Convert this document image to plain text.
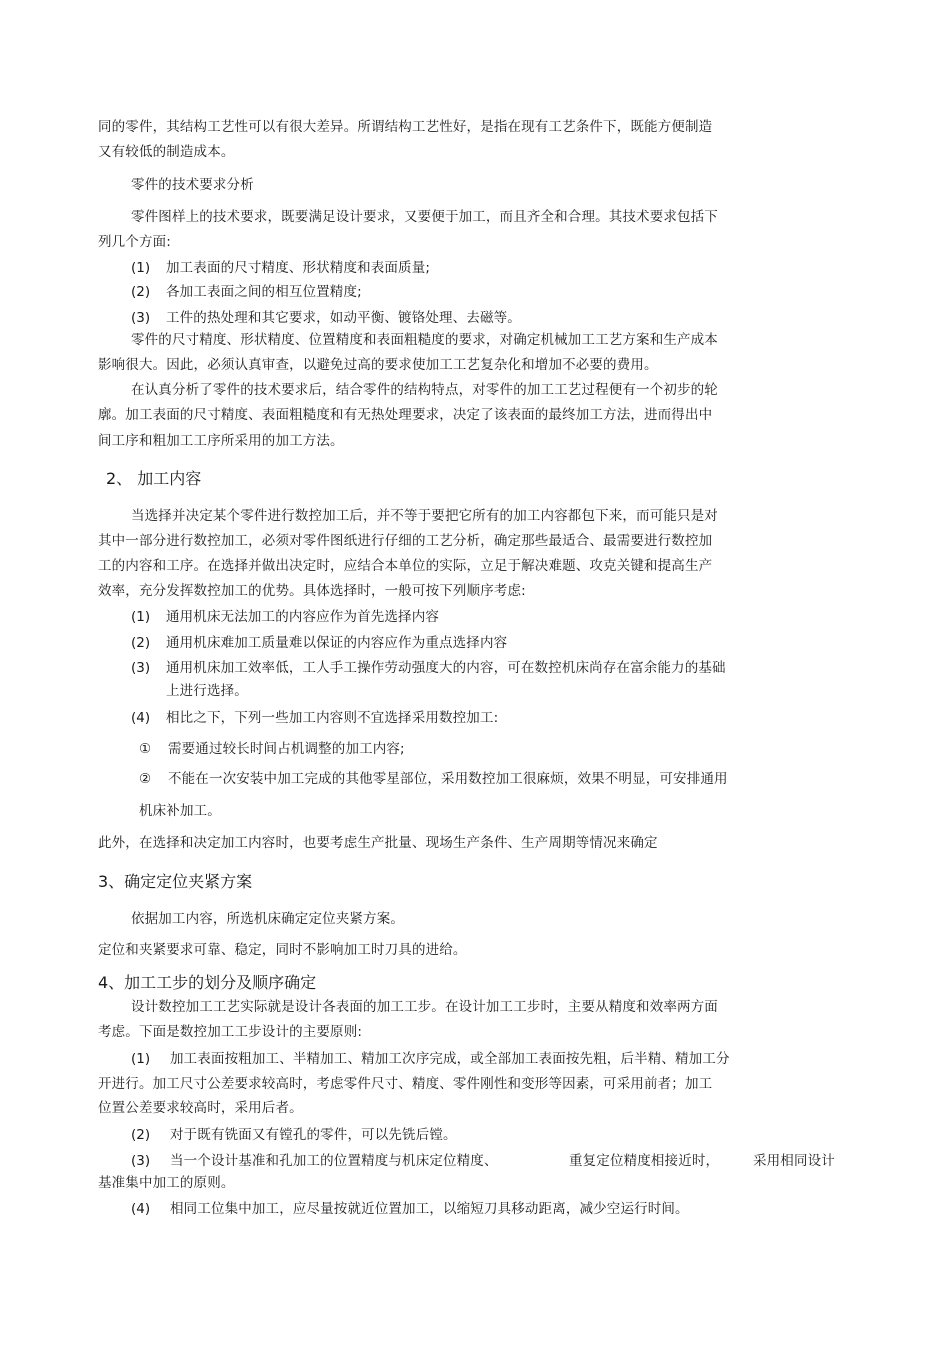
同的零件，其结构工艺性可以有很大差异。所谓结构工艺性好，是指在现有工艺条件下，既能方便制造
又有较低的制造成本。
零件的技术要求分析
零件图样上的技术要求，既要满足设计要求，又要便于加工，而且齐全和合理。其技术要求包括下
列几个方面:
(1) 加工表面的尺寸精度、形状精度和表面质量;
(2) 各加工表面之间的相互位置精度;
(3) 工件的热处理和其它要求，如动平衡、镀铬处理、去磁等。
零件的尺寸精度、形状精度、位置精度和表面粗糙度的要求，对确定机械加工工艺方案和生产成本
影响很大。因此，必须认真审查，以避免过高的要求使加工工艺复杂化和增加不必要的费用。
在认真分析了零件的技术要求后，结合零件的结构特点，对零件的加工工艺过程便有一个初步的轮
廓。加工表面的尺寸精度、表面粗糙度和有无热处理要求，决定了该表面的最终加工方法，进而得出中
间工序和粗加工工序所采用的加工方法。
2、 加工内容
当选择并决定某个零件进行数控加工后，并不等于要把它所有的加工内容都包下来，而可能只是对
其中一部分进行数控加工，必须对零件图纸进行仔细的工艺分析，确定那些最适合、最需要进行数控加
工的内容和工序。在选择并做出决定时，应结合本单位的实际，立足于解决难题、攻克关键和提高生产
效率，充分发挥数控加工的优势。具体选择时，一般可按下列顺序考虑:
(1) 通用机床无法加工的内容应作为首先选择内容
(2) 通用机床难加工质量难以保证的内容应作为重点选择内容
(3) 通用机床加工效率低，工人手工操作劳动强度大的内容，可在数控机床尚存在富余能力的基础
上进行选择。
(4) 相比之下，下列一些加工内容则不宜选择采用数控加工:
① 需要通过较长时间占机调整的加工内容;
② 不能在一次安装中加工完成的其他零星部位，采用数控加工很麻烦，效果不明显，可安排通用
机床补加工。
此外，在选择和决定加工内容时，也要考虑生产批量、现场生产条件、生产周期等情况来确定
3、确定定位夹紧方案
依据加工内容，所选机床确定定位夹紧方案。
定位和夹紧要求可靠、稳定，同时不影响加工时刀具的进给。
4、加工工步的划分及顺序确定
设计数控加工工艺实际就是设计各表面的加工工步。在设计加工工步时，主要从精度和效率两方面
考虑。下面是数控加工工步设计的主要原则:
(1) 加工表面按粗加工、半精加工、精加工次序完成，或全部加工表面按先粗，后半精、精加工分
开进行。加工尺寸公差要求较高时，考虑零件尺寸、精度、零件刚性和变形等因素，可采用前者；加工
位置公差要求较高时，采用后者。
(2) 对于既有铣面又有镗孔的零件，可以先铣后镗。
(3) 当一个设计基准和孔加工的位置精度与机床定位精度、	重复定位精度相接近时，	采用相同设计
基准集中加工的原则。
(4) 相同工位集中加工，应尽量按就近位置加工，以缩短刀具移动距离，减少空运行时间。
